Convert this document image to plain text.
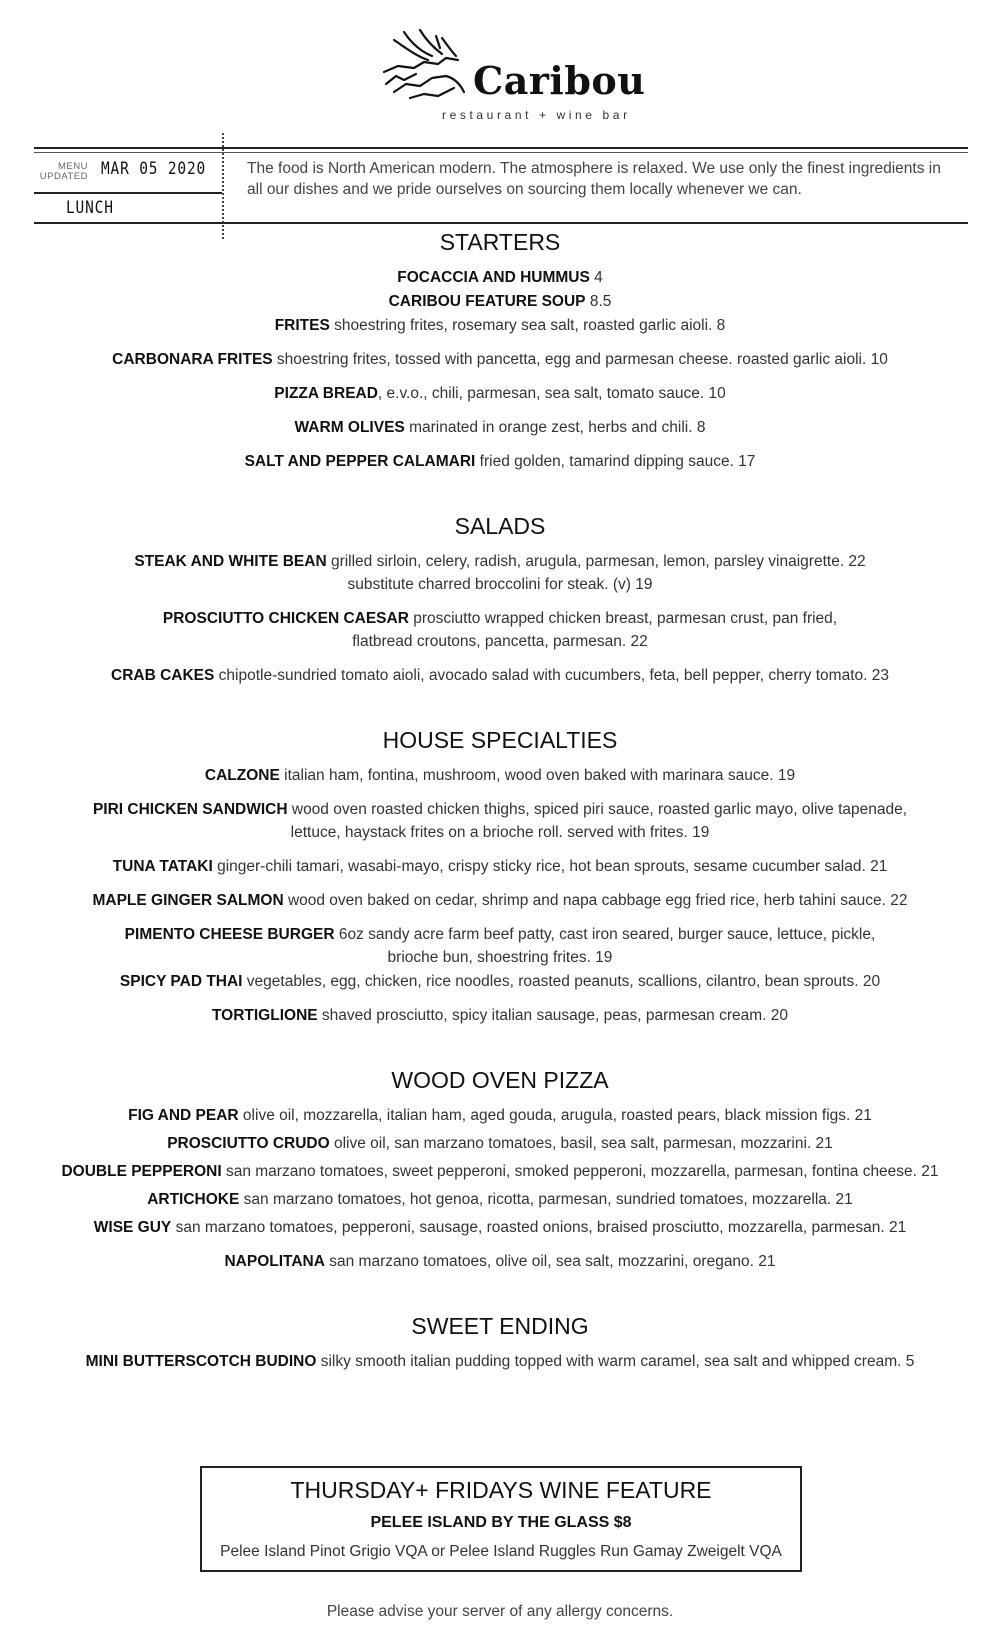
Caribou
restaurant + wine bar
MENU UPDATED MAR 05 2020
LUNCH
The food is North American modern. The atmosphere is relaxed. We use only the finest ingredients in all our dishes and we pride ourselves on sourcing them locally whenever we can.
STARTERS
FOCACCIA AND HUMMUS 4
CARIBOU FEATURE SOUP 8.5
FRITES shoestring frites, rosemary sea salt, roasted garlic aioli. 8
CARBONARA FRITES shoestring frites, tossed with pancetta, egg and parmesan cheese. roasted garlic aioli. 10
PIZZA BREAD, e.v.o., chili, parmesan, sea salt, tomato sauce. 10
WARM OLIVES marinated in orange zest, herbs and chili. 8
SALT AND PEPPER CALAMARI fried golden, tamarind dipping sauce. 17
SALADS
STEAK AND WHITE BEAN grilled sirloin, celery, radish, arugula, parmesan, lemon, parsley vinaigrette. 22
substitute charred broccolini for steak. (v) 19
PROSCIUTTO CHICKEN CAESAR prosciutto wrapped chicken breast, parmesan crust, pan fried,
flatbread croutons, pancetta, parmesan. 22
CRAB CAKES chipotle-sundried tomato aioli, avocado salad with cucumbers, feta, bell pepper, cherry tomato. 23
HOUSE SPECIALTIES
CALZONE italian ham, fontina, mushroom, wood oven baked with marinara sauce. 19
PIRI CHICKEN SANDWICH wood oven roasted chicken thighs, spiced piri sauce, roasted garlic mayo, olive tapenade,
lettuce, haystack frites on a brioche roll. served with frites. 19
TUNA TATAKI ginger-chili tamari, wasabi-mayo, crispy sticky rice, hot bean sprouts, sesame cucumber salad. 21
MAPLE GINGER SALMON wood oven baked on cedar, shrimp and napa cabbage egg fried rice, herb tahini sauce. 22
PIMENTO CHEESE BURGER 6oz sandy acre farm beef patty, cast iron seared, burger sauce, lettuce, pickle,
brioche bun, shoestring frites. 19
SPICY PAD THAI vegetables, egg, chicken, rice noodles, roasted peanuts, scallions, cilantro, bean sprouts. 20
TORTIGLIONE shaved prosciutto, spicy italian sausage, peas, parmesan cream. 20
WOOD OVEN PIZZA
FIG AND PEAR olive oil, mozzarella, italian ham, aged gouda, arugula, roasted pears, black mission figs. 21
PROSCIUTTO CRUDO olive oil, san marzano tomatoes, basil, sea salt, parmesan, mozzarini. 21
DOUBLE PEPPERONI san marzano tomatoes, sweet pepperoni, smoked pepperoni, mozzarella, parmesan, fontina cheese. 21
ARTICHOKE san marzano tomatoes, hot genoa, ricotta, parmesan, sundried tomatoes, mozzarella. 21
WISE GUY san marzano tomatoes, pepperoni, sausage, roasted onions, braised prosciutto, mozzarella, parmesan. 21
NAPOLITANA san marzano tomatoes, olive oil, sea salt, mozzarini, oregano. 21
SWEET ENDING
MINI BUTTERSCOTCH BUDINO silky smooth italian pudding topped with warm caramel, sea salt and whipped cream. 5
THURSDAY+ FRIDAYS WINE FEATURE
PELEE ISLAND BY THE GLASS $8
Pelee Island Pinot Grigio VQA or Pelee Island Ruggles Run Gamay Zweigelt VQA
Please advise your server of any allergy concerns.
